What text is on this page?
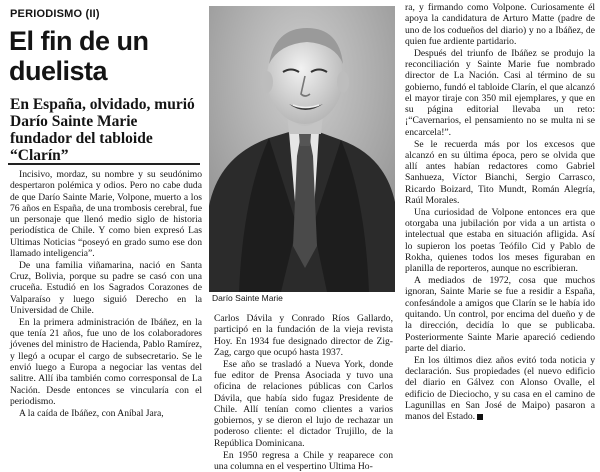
PERIODISMO (II)
El fin de un duelista
En España, olvidado, murió Darío Sainte Marie fundador del tabloide “Clarín”

Incisivo, mordaz, su nombre y su seudónimo despertaron polémica y odios. Pero no cabe duda de que Darío Sainte Marie, Volpone, muerto a los 76 años en España, de una trombosis cerebral, fue un personaje que llenó medio siglo de historia periodística de Chile. Y como bien expresó Las Ultimas Noticias “poseyó en grado sumo ese don llamado inteligencia”.

De una familia viñamarina, nació en Santa Cruz, Bolivia, porque su padre se casó con una cruceña. Estudió en los Sagrados Corazones de Valparaíso y luego siguió Derecho en la Universidad de Chile.

En la primera administración de Ibáñez, en la que tenía 21 años, fue uno de los colaboradores jóvenes del ministro de Hacienda, Pablo Ramírez, y llegó a ocupar el cargo de subsecretario. Se le envió luego a Europa a negociar las ventas del salitre. Allí iba también como corresponsal de La Nación. Desde entonces se vincularía con el periodismo.

A la caída de Ibáñez, con Aníbal Jara,

Darío Sainte Marie

Carlos Dávila y Conrado Ríos Gallardo, participó en la fundación de la vieja revista Hoy. En 1934 fue designado director de Zig-Zag, cargo que ocupó hasta 1937.

Ese año se trasladó a Nueva York, donde fue editor de Prensa Asociada y tuvo una oficina de relaciones públicas con Carlos Dávila, que había sido fugaz Presidente de Chile. Allí tenían como clientes a varios gobiernos, y se dieron el lujo de rechazar un poderoso cliente: el dictador Trujillo, de la República Dominicana.

En 1950 regresa a Chile y reaparece con una columna en el vespertino Ultima Ho-

ra, y firmando como Volpone. Curiosamente él apoya la candidatura de Arturo Matte (padre de uno de los codueños del diario) y no a Ibáñez, de quien fue ardiente partidario.

Después del triunfo de Ibáñez se produjo la reconciliación y Sainte Marie fue nombrado director de La Nación. Casi al término de su gobierno, fundó el tabloide Clarín, el que alcanzó el mayor tiraje con 350 mil ejemplares, y que en su página editorial llevaba un reto: ¡“Cavernarios, el pensamiento no se multa ni se encarcela!”.

Se le recuerda más por los excesos que alcanzó en su última época, pero se olvida que allí antes habían redactores como Gabriel Sanhueza, Víctor Bianchi, Sergio Carrasco, Ricardo Boizard, Tito Mundt, Román Alegría, Raúl Morales.

Una curiosidad de Volpone entonces era que otorgaba una jubilación por vida a un artista o intelectual que estaba en situación afligida. Así lo supieron los poetas Teófilo Cid y Pablo de Rokha, quienes todos los meses figuraban en planilla de reporteros, aunque no escribieran.

A mediados de 1972, cosa que muchos ignoran, Sainte Marie se fue a residir a España, confesándole a amigos que Clarín se le había ido quitando. Un control, por encima del dueño y de la dirección, decidía lo que se publicaba. Posteriormente Sainte Marie apareció cediendo parte del diario.

En los últimos diez años evitó toda noticia y declaración. Sus propiedades (el nuevo edificio del diario en Gálvez con Alonso Ovalle, el edificio de Dieciocho, y su casa en el camino de Lagunillas en San José de Maipo) pasaron a manos del Estado.
